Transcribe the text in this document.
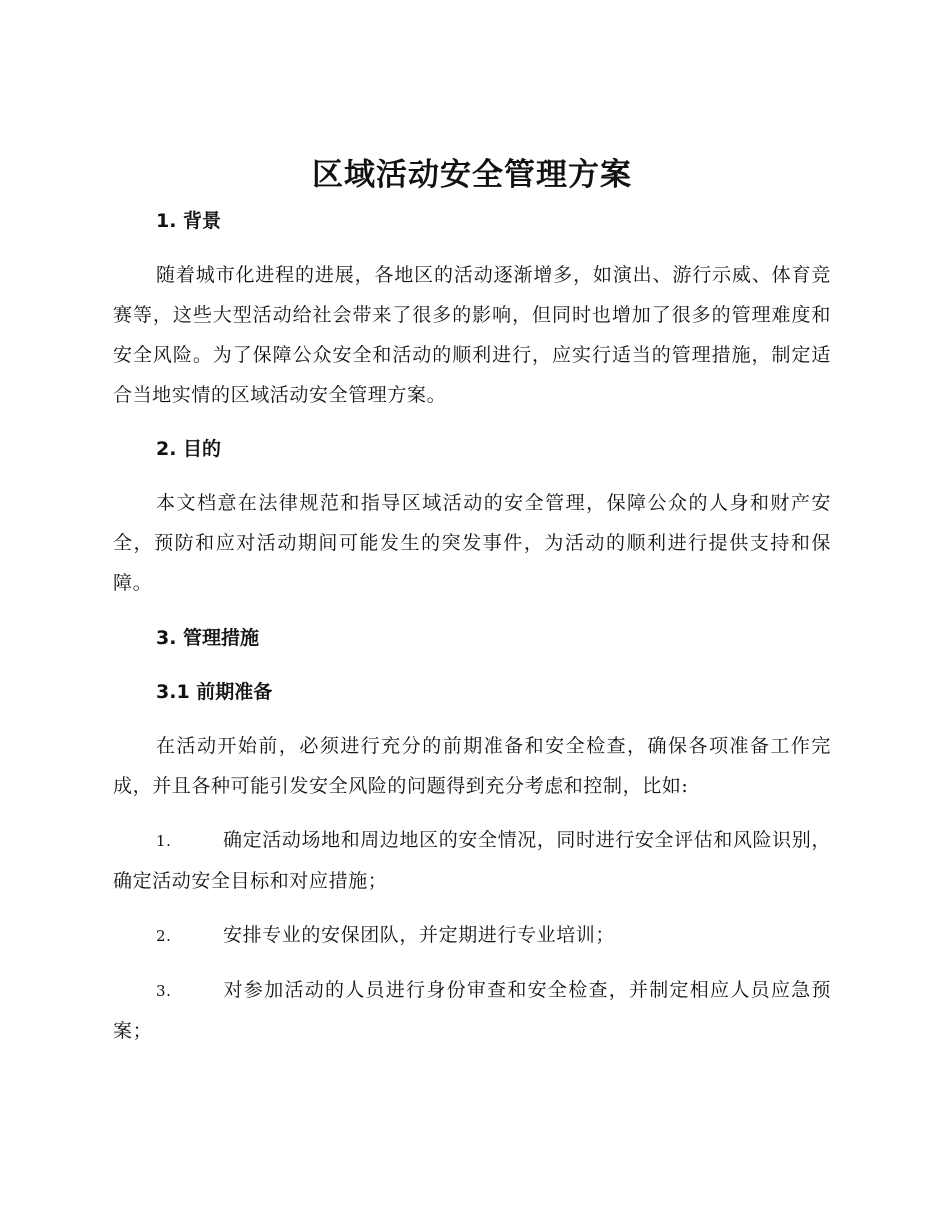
区域活动安全管理方案
1. 背景

随着城市化进程的进展，各地区的活动逐渐增多，如演出、游行示威、体育竞赛等，这些大型活动给社会带来了很多的影响，但同时也增加了很多的管理难度和安全风险。为了保障公众安全和活动的顺利进行，应实行适当的管理措施，制定适合当地实情的区域活动安全管理方案。

2. 目的

本文档意在法律规范和指导区域活动的安全管理，保障公众的人身和财产安全，预防和应对活动期间可能发生的突发事件，为活动的顺利进行提供支持和保障。

3. 管理措施
3.1 前期准备

在活动开始前，必须进行充分的前期准备和安全检查，确保各项准备工作完成，并且各种可能引发安全风险的问题得到充分考虑和控制，比如:

1.	确定活动场地和周边地区的安全情况，同时进行安全评估和风险识别，确定活动安全目标和对应措施；

2.	安排专业的安保团队，并定期进行专业培训；

3.	对参加活动的人员进行身份审查和安全检查，并制定相应人员应急预案；
